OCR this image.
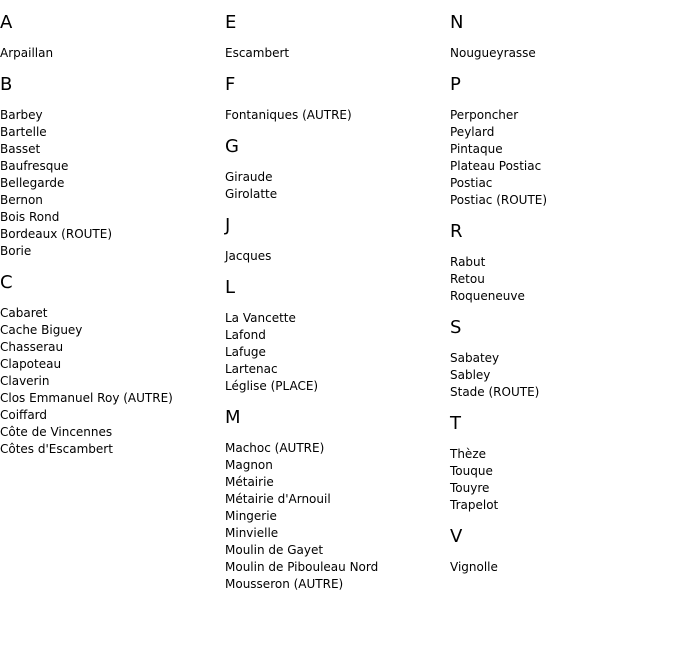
A
Arpaillan
B
Barbey
Bartelle
Basset
Baufresque
Bellegarde
Bernon
Bois Rond
Bordeaux (ROUTE)
Borie
C
Cabaret
Cache Biguey
Chasserau
Clapoteau
Claverin
Clos Emmanuel Roy (AUTRE)
Coiffard
Côte de Vincennes
Côtes d'Escambert
E
Escambert
F
Fontaniques (AUTRE)
G
Giraude
Girolatte
J
Jacques
L
La Vancette
Lafond
Lafuge
Lartenac
Léglise (PLACE)
M
Machoc (AUTRE)
Magnon
Métairie
Métairie d'Arnouil
Mingerie
Minvielle
Moulin de Gayet
Moulin de Pibouleau Nord
Mousseron (AUTRE)
N
Nougueyrasse
P
Perponcher
Peylard
Pintaque
Plateau Postiac
Postiac
Postiac (ROUTE)
R
Rabut
Retou
Roqueneuve
S
Sabatey
Sabley
Stade (ROUTE)
T
Thèze
Touque
Touyre
Trapelot
V
Vignolle
